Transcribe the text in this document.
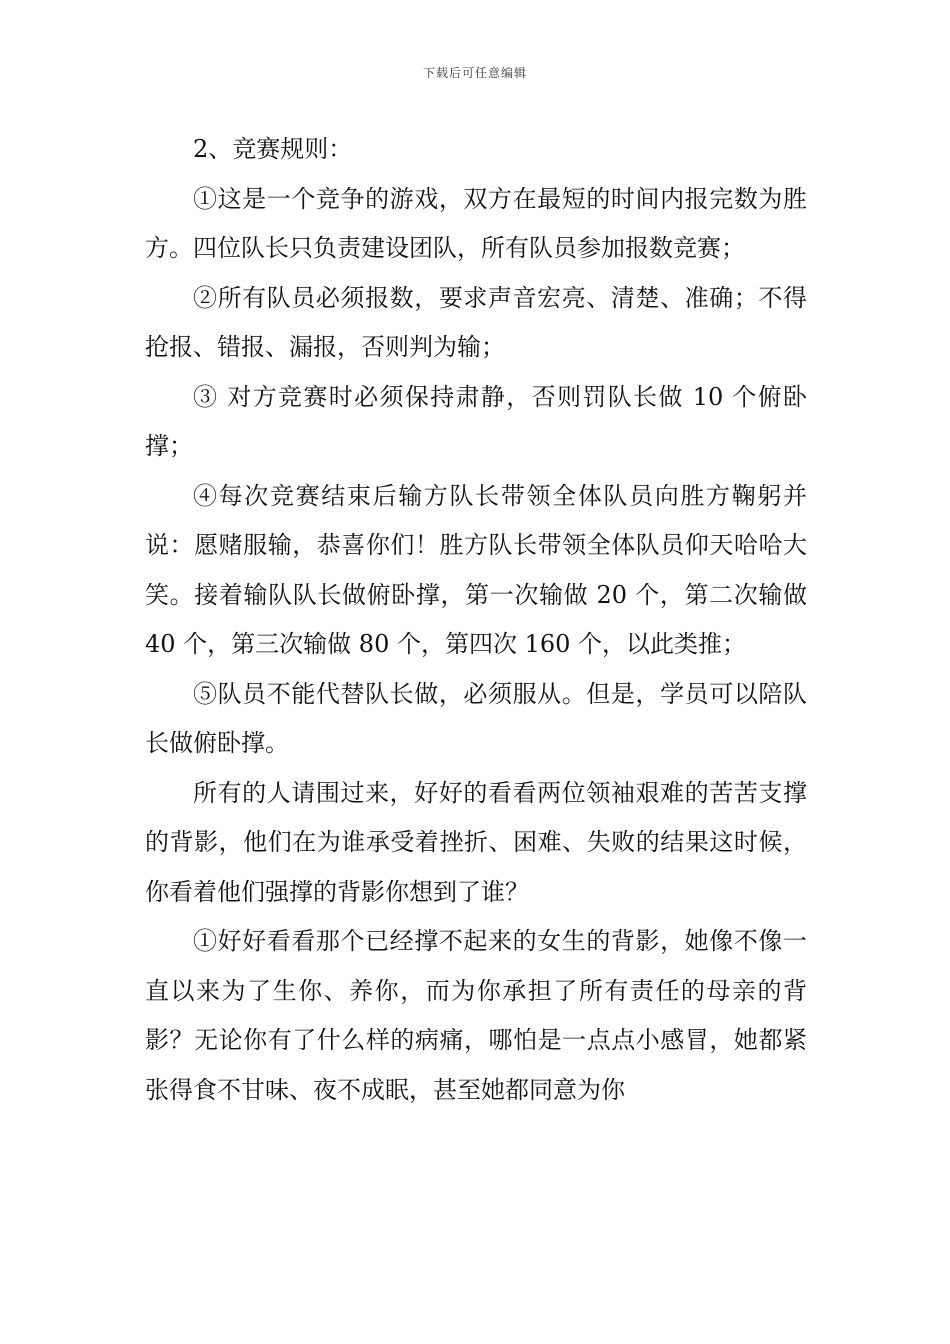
下载后可任意编辑

2、竞赛规则：

①这是一个竞争的游戏，双方在最短的时间内报完数为胜方。四位队长只负责建设团队，所有队员参加报数竞赛；

②所有队员必须报数，要求声音宏亮、清楚、准确；不得抢报、错报、漏报，否则判为输；

③ 对方竞赛时必须保持肃静，否则罚队长做 10 个俯卧撑；

④每次竞赛结束后输方队长带领全体队员向胜方鞠躬并说：愿赌服输，恭喜你们！胜方队长带领全体队员仰天哈哈大笑。接着输队队长做俯卧撑，第一次输做 20 个，第二次输做 40 个，第三次输做 80 个，第四次 160 个，以此类推；

⑤队员不能代替队长做，必须服从。但是，学员可以陪队长做俯卧撑。

所有的人请围过来，好好的看看两位领袖艰难的苦苦支撑的背影，他们在为谁承受着挫折、困难、失败的结果这时候，你看着他们强撑的背影你想到了谁？

①好好看看那个已经撑不起来的女生的背影，她像不像一直以来为了生你、养你，而为你承担了所有责任的母亲的背影？无论你有了什么样的病痛，哪怕是一点点小感冒，她都紧张得食不甘味、夜不成眠，甚至她都同意为你
